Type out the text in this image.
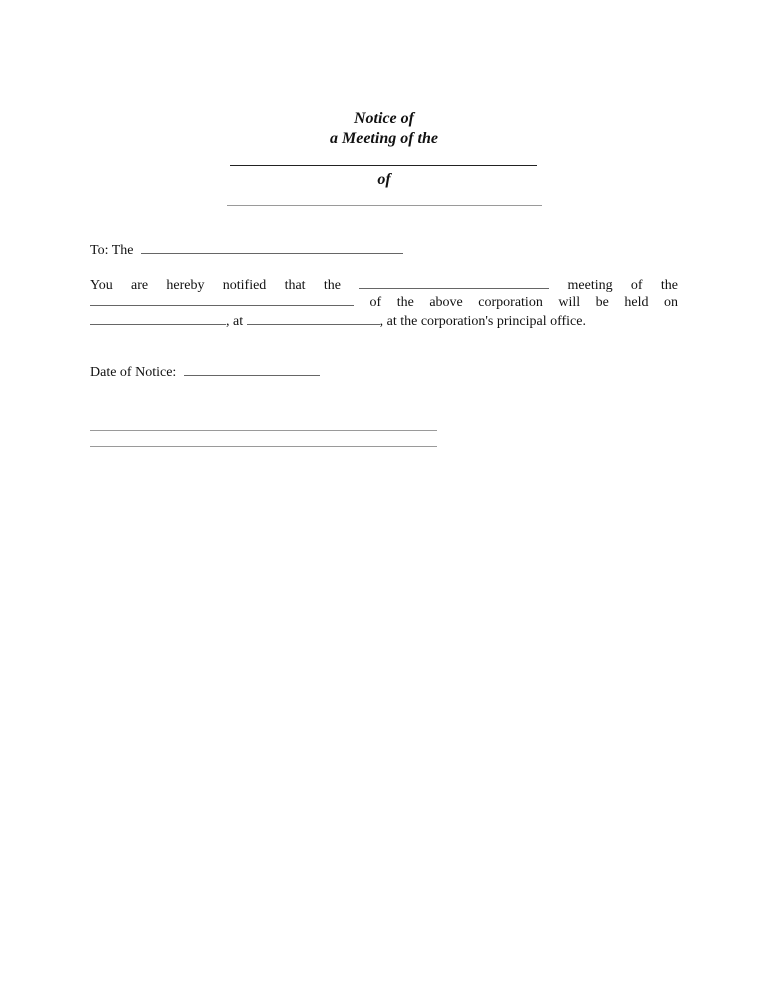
Notice of
a Meeting of the
of
To: The
You are hereby notified that the	meeting of the
of the above corporation will be held on
, at	, at the corporation's principal office.
Date of Notice:
